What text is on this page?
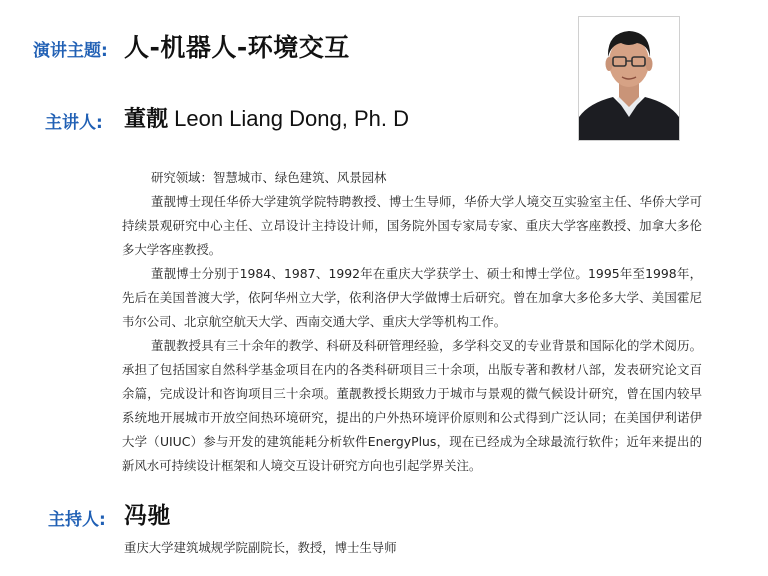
演讲主题: 人-机器人-环境交互
主讲人: 董靓 Leon Liang Dong, Ph. D

研究领域：智慧城市、绿色建筑、风景园林

董靓博士现任华侨大学建筑学院特聘教授、博士生导师，华侨大学人境交互实验室主任、华侨大学可持续景观研究中心主任、立昂设计主持设计师，国务院外国专家局专家、重庆大学客座教授、加拿大多伦多大学客座教授。

董靓博士分别于1984、1987、1992年在重庆大学获学士、硕士和博士学位。1995年至1998年，先后在美国普渡大学，依阿华州立大学，依利洛伊大学做博士后研究。曾在加拿大多伦多大学、美国霍尼韦尔公司、北京航空航天大学、西南交通大学、重庆大学等机构工作。

董靓教授具有三十余年的教学、科研及科研管理经验，多学科交叉的专业背景和国际化的学术阅历。承担了包括国家自然科学基金项目在内的各类科研项目三十余项，出版专著和教材八部，发表研究论文百余篇，完成设计和咨询项目三十余项。董靓教授长期致力于城市与景观的微气候设计研究，曾在国内较早系统地开展城市开放空间热环境研究，提出的户外热环境评价原则和公式得到广泛认同；在美国伊利诺伊大学（UIUC）参与开发的建筑能耗分析软件EnergyPlus，现在已经成为全球最流行软件；近年来提出的新风水可持续设计框架和人境交互设计研究方向也引起学界关注。

主持人: 冯驰
重庆大学建筑城规学院副院长，教授，博士生导师
